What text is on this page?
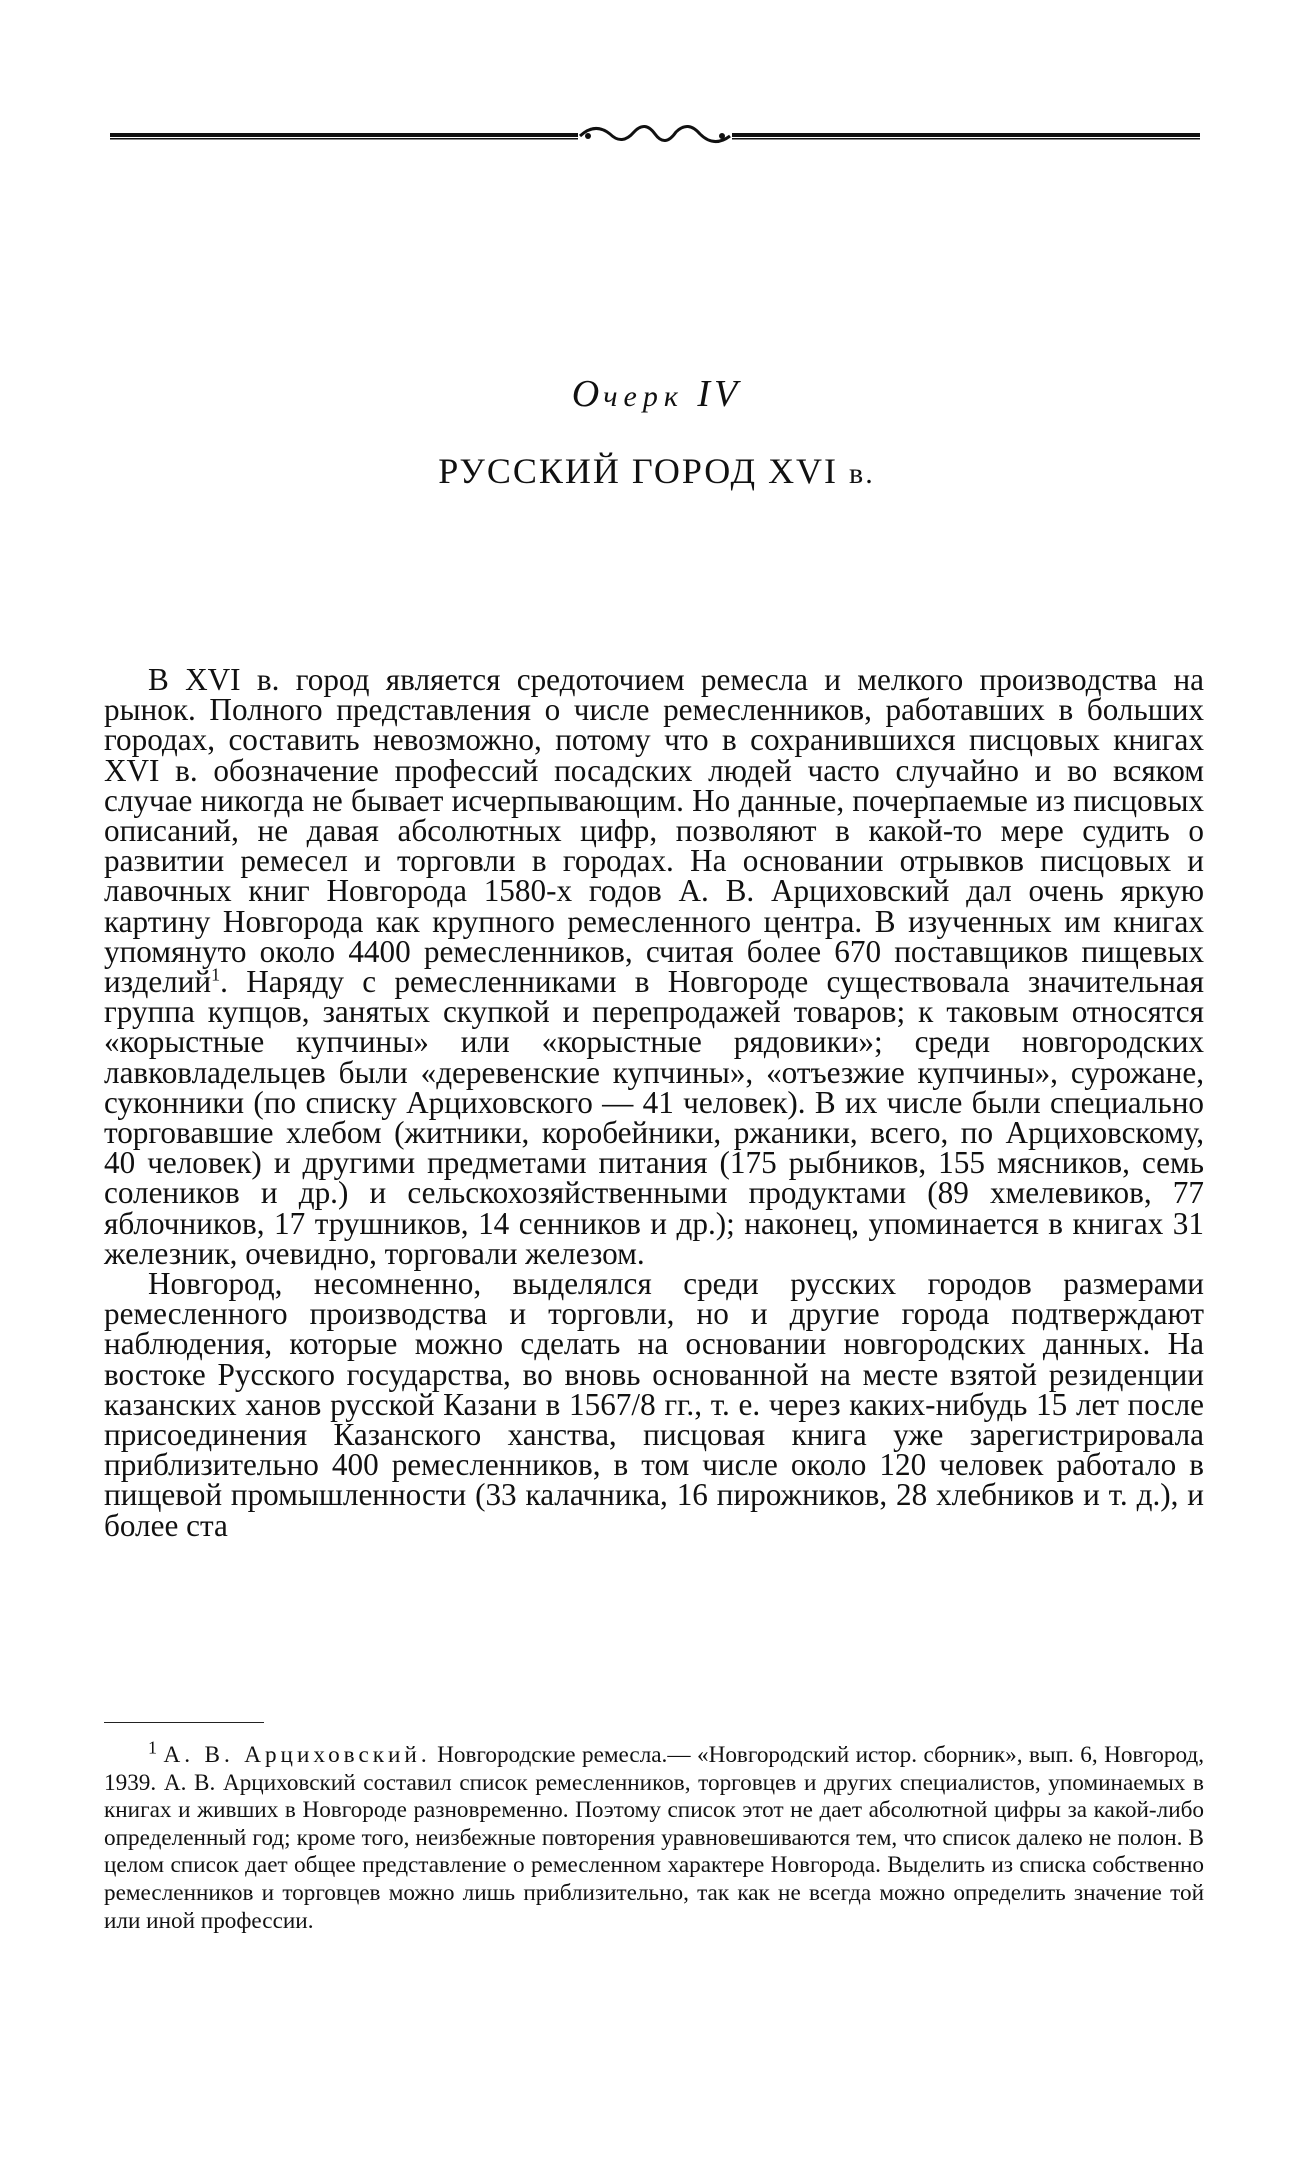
Очерк IV
РУССКИЙ ГОРОД XVI в.

В XVI в. город является средоточием ремесла и мелкого производства на рынок. Полного представления о числе ремесленников, работавших в больших городах, составить невозможно, потому что в сохранившихся писцовых книгах XVI в. обозначение профессий посадских людей часто случайно и во всяком случае никогда не бывает исчерпывающим. Но данные, почерпаемые из писцовых описаний, не давая абсолютных цифр, позволяют в какой-то мере судить о развитии ремесел и торговли в городах. На основании отрывков писцовых и лавочных книг Новгорода 1580-х годов А. В. Арциховский дал очень яркую картину Новгорода как крупного ремесленного центра. В изученных им книгах упомянуто около 4400 ремесленников, считая более 670 поставщиков пищевых изделий$^1$. Наряду с ремесленниками в Новгороде существовала значительная группа купцов, занятых скупкой и перепродажей товаров; к таковым относятся «корыстные купчины» или «корыстные рядовики»; среди новгородских лавковладельцев были «деревенские купчины», «отъезжие купчины», сурожане, суконники (по списку Арциховского — 41 человек). В их числе были специально торговавшие хлебом (житники, коробейники, ржаники, всего, по Арциховскому, 40 человек) и другими предметами питания (175 рыбников, 155 мясников, семь солеников и др.) и сельскохозяйственными продуктами (89 хмелевиков, 77 яблочников, 17 трушников, 14 сенников и др.); наконец, упоминается в книгах 31 железник, очевидно, торговали железом.

Новгород, несомненно, выделялся среди русских городов размерами ремесленного производства и торговли, но и другие города подтверждают наблюдения, которые можно сделать на основании новгородских данных. На востоке Русского государства, во вновь основанной на месте взятой резиденции казанских ханов русской Казани в 1567/8 гг., т. е. через каких-нибудь 15 лет после присоединения Казанского ханства, писцовая книга уже зарегистрировала приблизительно 400 ремесленников, в том числе около 120 человек работало в пищевой промышленности (33 калачника, 16 пирожников, 28 хлебников и т. д.), и более ста

$^1$ А. В. Арциховский. Новгородские ремесла.— «Новгородский истор. сборник», вып. 6, Новгород, 1939. А. В. Арциховский составил список ремесленников, торговцев и других специалистов, упоминаемых в книгах и живших в Новгороде разновременно. Поэтому список этот не дает абсолютной цифры за какой-либо определенный год; кроме того, неизбежные повторения уравновешиваются тем, что список далеко не полон. В целом список дает общее представление о ремесленном характере Новгорода. Выделить из списка собственно ремесленников и торговцев можно лишь приблизительно, так как не всегда можно определить значение той или иной профессии.
